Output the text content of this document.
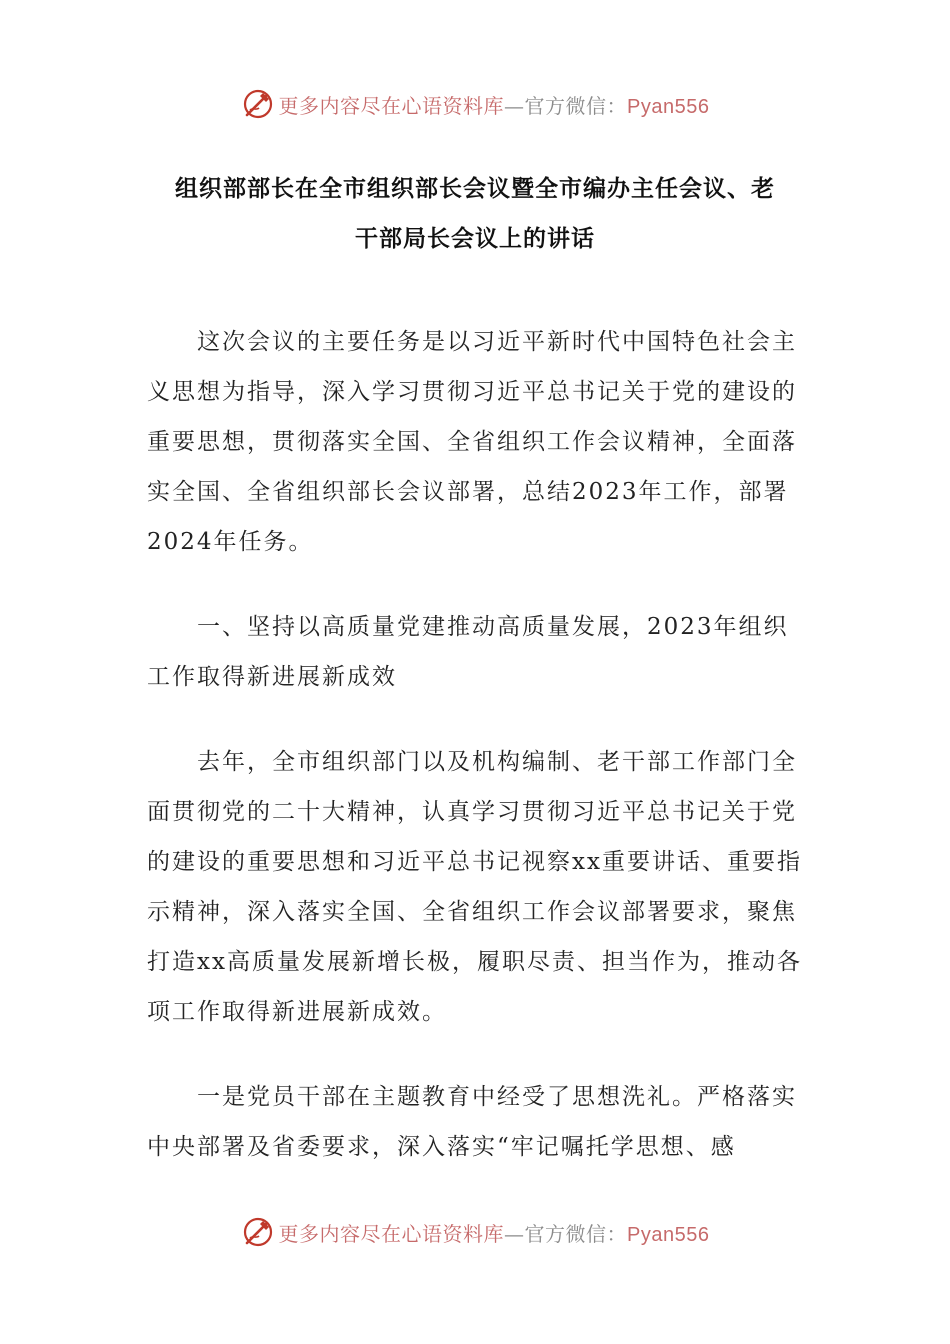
更多内容尽在心语资料库—官方微信：Pyan556
组织部部长在全市组织部长会议暨全市编办主任会议、老
干部局长会议上的讲话

这次会议的主要任务是以习近平新时代中国特色社会主义思想为指导，深入学习贯彻习近平总书记关于党的建设的重要思想，贯彻落实全国、全省组织工作会议精神，全面落实全国、全省组织部长会议部署，总结2023年工作，部署2024年任务。

一、坚持以高质量党建推动高质量发展，2023年组织工作取得新进展新成效

去年，全市组织部门以及机构编制、老干部工作部门全面贯彻党的二十大精神，认真学习贯彻习近平总书记关于党的建设的重要思想和习近平总书记视察xx重要讲话、重要指示精神，深入落实全国、全省组织工作会议部署要求，聚焦打造xx高质量发展新增长极，履职尽责、担当作为，推动各项工作取得新进展新成效。

一是党员干部在主题教育中经受了思想洗礼。严格落实中央部署及省委要求，深入落实“牢记嘱托学思想、感

更多内容尽在心语资料库—官方微信：Pyan556
